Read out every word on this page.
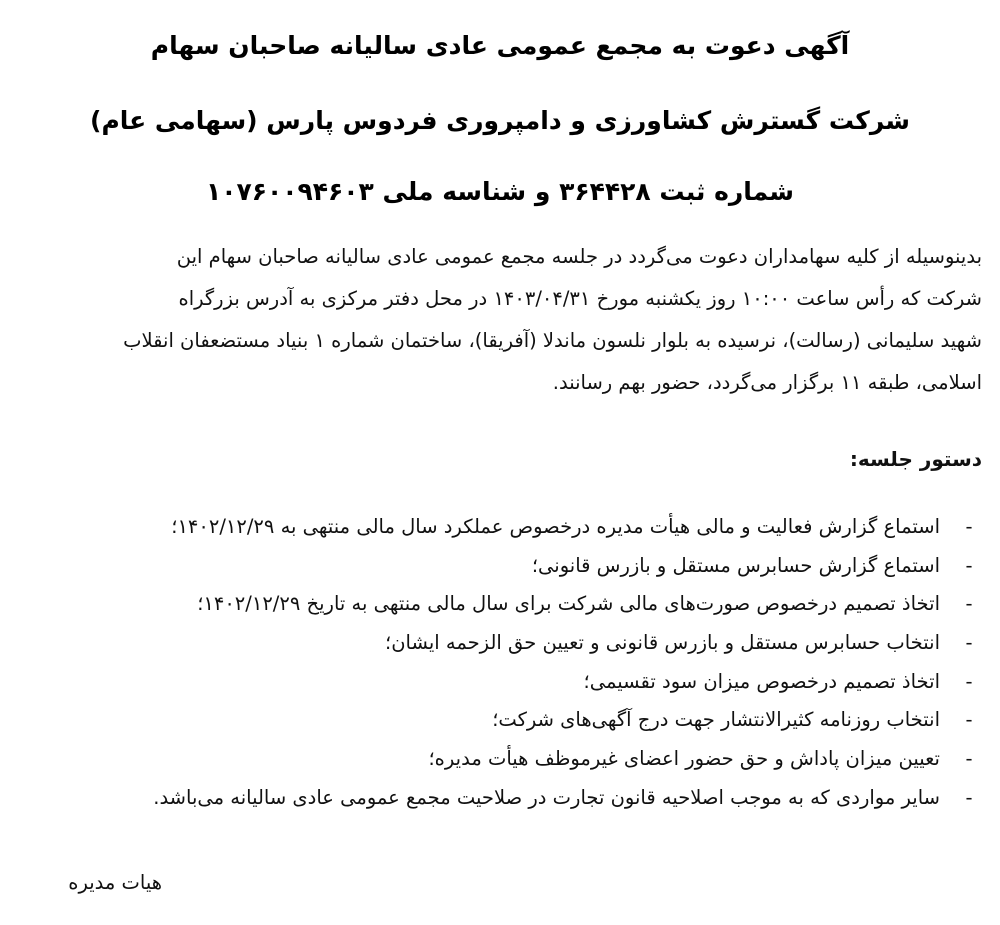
آگهی دعوت به مجمع عمومی عادی سالیانه صاحبان سهام
شرکت گسترش کشاورزی و دامپروری فردوس پارس (سهامی عام)
شماره ثبت ۳۶۴۴۲۸ و شناسه ملی ۱۰۷۶۰۰۹۴۶۰۳
بدینوسیله از کلیه سهامداران دعوت می‌گردد در جلسه مجمع عمومی عادی سالیانه صاحبان سهام این
شرکت که رأس ساعت ۱۰:۰۰ روز یکشنبه مورخ ۱۴۰۳/۰۴/۳۱ در محل دفتر مرکزی به آدرس بزرگراه
شهید سلیمانی (رسالت)، نرسیده به بلوار نلسون ماندلا (آفریقا)، ساختمان شماره ۱ بنیاد مستضعفان انقلاب
اسلامی، طبقه ۱۱ برگزار می‌گردد، حضور بهم رسانند.
دستور جلسه:
-
استماع گزارش فعالیت و مالی هیأت مدیره درخصوص عملکرد سال مالی منتهی به ۱۴۰۲/۱۲/۲۹؛
-
استماع گزارش حسابرس مستقل و بازرس قانونی؛
-
اتخاذ تصمیم درخصوص صورت‌های مالی شرکت برای سال مالی منتهی به تاریخ ۱۴۰۲/۱۲/۲۹؛
-
انتخاب حسابرس مستقل و بازرس قانونی و تعیین حق الزحمه ایشان؛
-
اتخاذ تصمیم درخصوص میزان سود تقسیمی؛
-
انتخاب روزنامه کثیرالانتشار جهت درج آگهی‌های شرکت؛
-
تعیین میزان پاداش و حق حضور اعضای غیرموظف هیأت مدیره؛
-
سایر مواردی که به موجب اصلاحیه قانون تجارت در صلاحیت مجمع عمومی عادی سالیانه می‌باشد.
هیات مدیره
